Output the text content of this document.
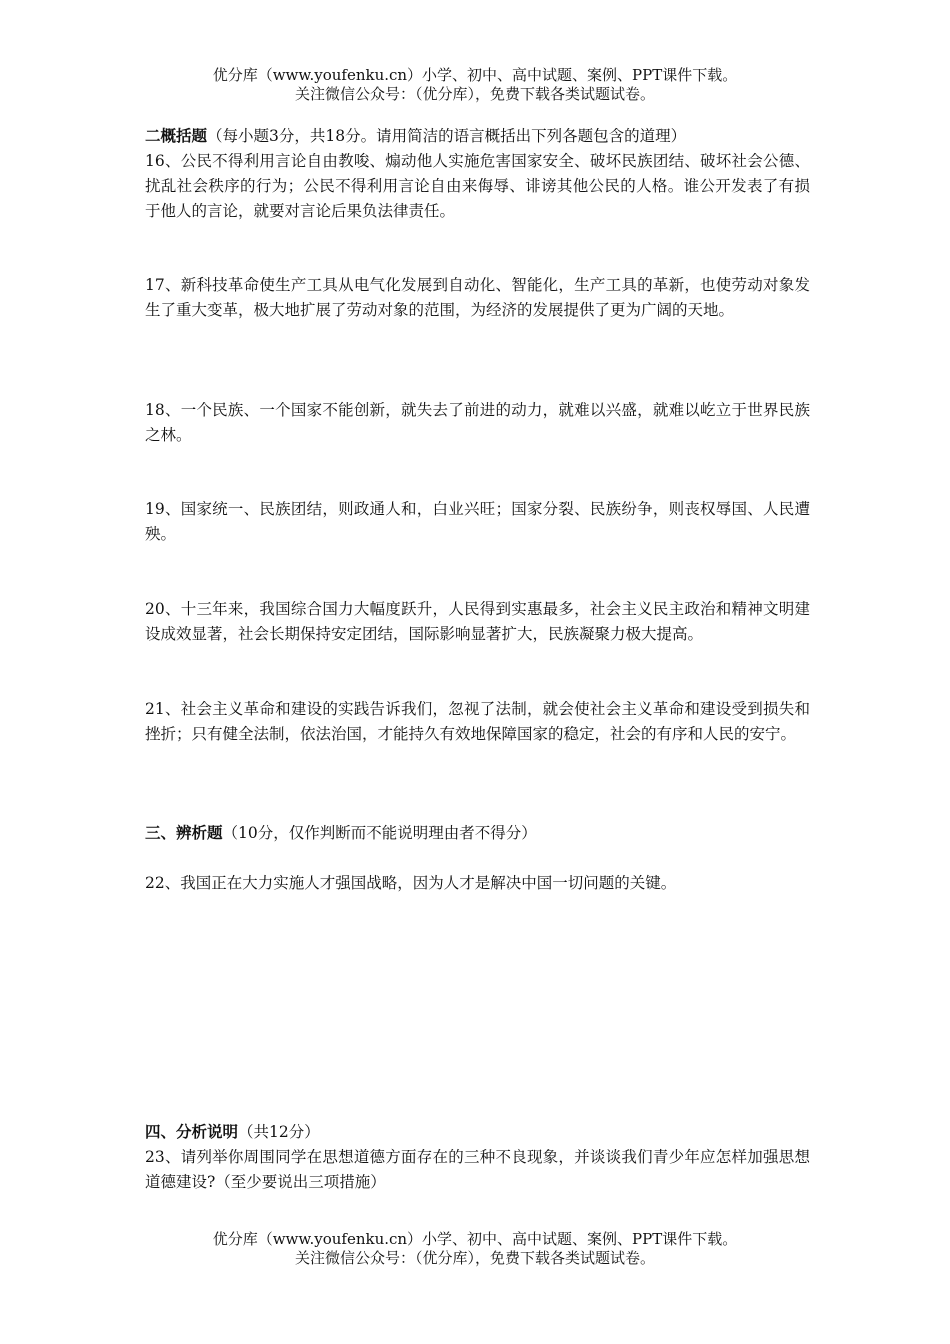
优分库（www.youfenku.cn）小学、初中、高中试题、案例、PPT课件下载。
关注微信公众号：（优分库），免费下载各类试题试卷。
二概括题（每小题3分，共18分。请用简洁的语言概括出下列各题包含的道理）
16、公民不得利用言论自由教唆、煽动他人实施危害国家安全、破坏民族团结、破坏社会公德、扰乱社会秩序的行为；公民不得利用言论自由来侮辱、诽谤其他公民的人格。谁公开发表了有损于他人的言论，就要对言论后果负法律责任。
17、新科技革命使生产工具从电气化发展到自动化、智能化，生产工具的革新，也使劳动对象发生了重大变革，极大地扩展了劳动对象的范围，为经济的发展提供了更为广阔的天地。
18、一个民族、一个国家不能创新，就失去了前进的动力，就难以兴盛，就难以屹立于世界民族之林。
19、国家统一、民族团结，则政通人和，白业兴旺；国家分裂、民族纷争，则丧权辱国、人民遭殃。
20、十三年来，我国综合国力大幅度跃升，人民得到实惠最多，社会主义民主政治和精神文明建设成效显著，社会长期保持安定团结，国际影响显著扩大，民族凝聚力极大提高。
21、社会主义革命和建设的实践告诉我们，忽视了法制，就会使社会主义革命和建设受到损失和挫折；只有健全法制，依法治国，才能持久有效地保障国家的稳定，社会的有序和人民的安宁。
三、辨析题（10分，仅作判断而不能说明理由者不得分）
22、我国正在大力实施人才强国战略，因为人才是解决中国一切问题的关键。
四、分析说明（共12分）
23、请列举你周围同学在思想道德方面存在的三种不良现象，并谈谈我们青少年应怎样加强思想道德建设?（至少要说出三项措施）
优分库（www.youfenku.cn）小学、初中、高中试题、案例、PPT课件下载。
关注微信公众号：（优分库），免费下载各类试题试卷。
